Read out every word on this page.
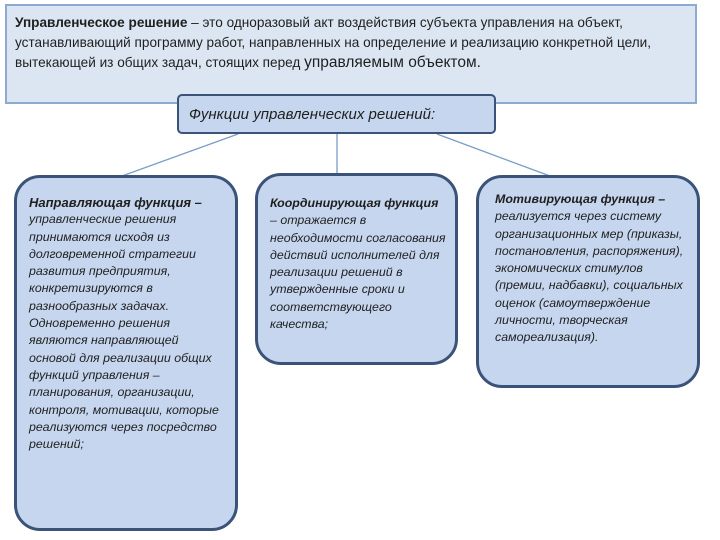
Управленческое решение – это одноразовый акт воздействия субъекта управления на объект, устанавливающий программу работ, направленных на определение и реализацию конкретной цели, вытекающей из общих задач, стоящих перед управляемым объектом.
Функции управленческих решений:
Направляющая функция –
управленческие решения принимаются исходя из долговременной стратегии развития предприятия, конкретизируются в разнообразных задачах. Одновременно решения являются направляющей основой для реализации общих функций управления – планирования, организации, контроля, мотивации, которые реализуются через посредство решений;
Координирующая функция
– отражается в необходимости согласования действий исполнителей для реализации решений в утвержденные сроки и соответствующего качества;
Мотивирующая функция –
реализуется через систему организационных мер (приказы, постановления, распоряжения), экономических стимулов (премии, надбавки), социальных оценок (самоутверждение личности, творческая самореализация).
